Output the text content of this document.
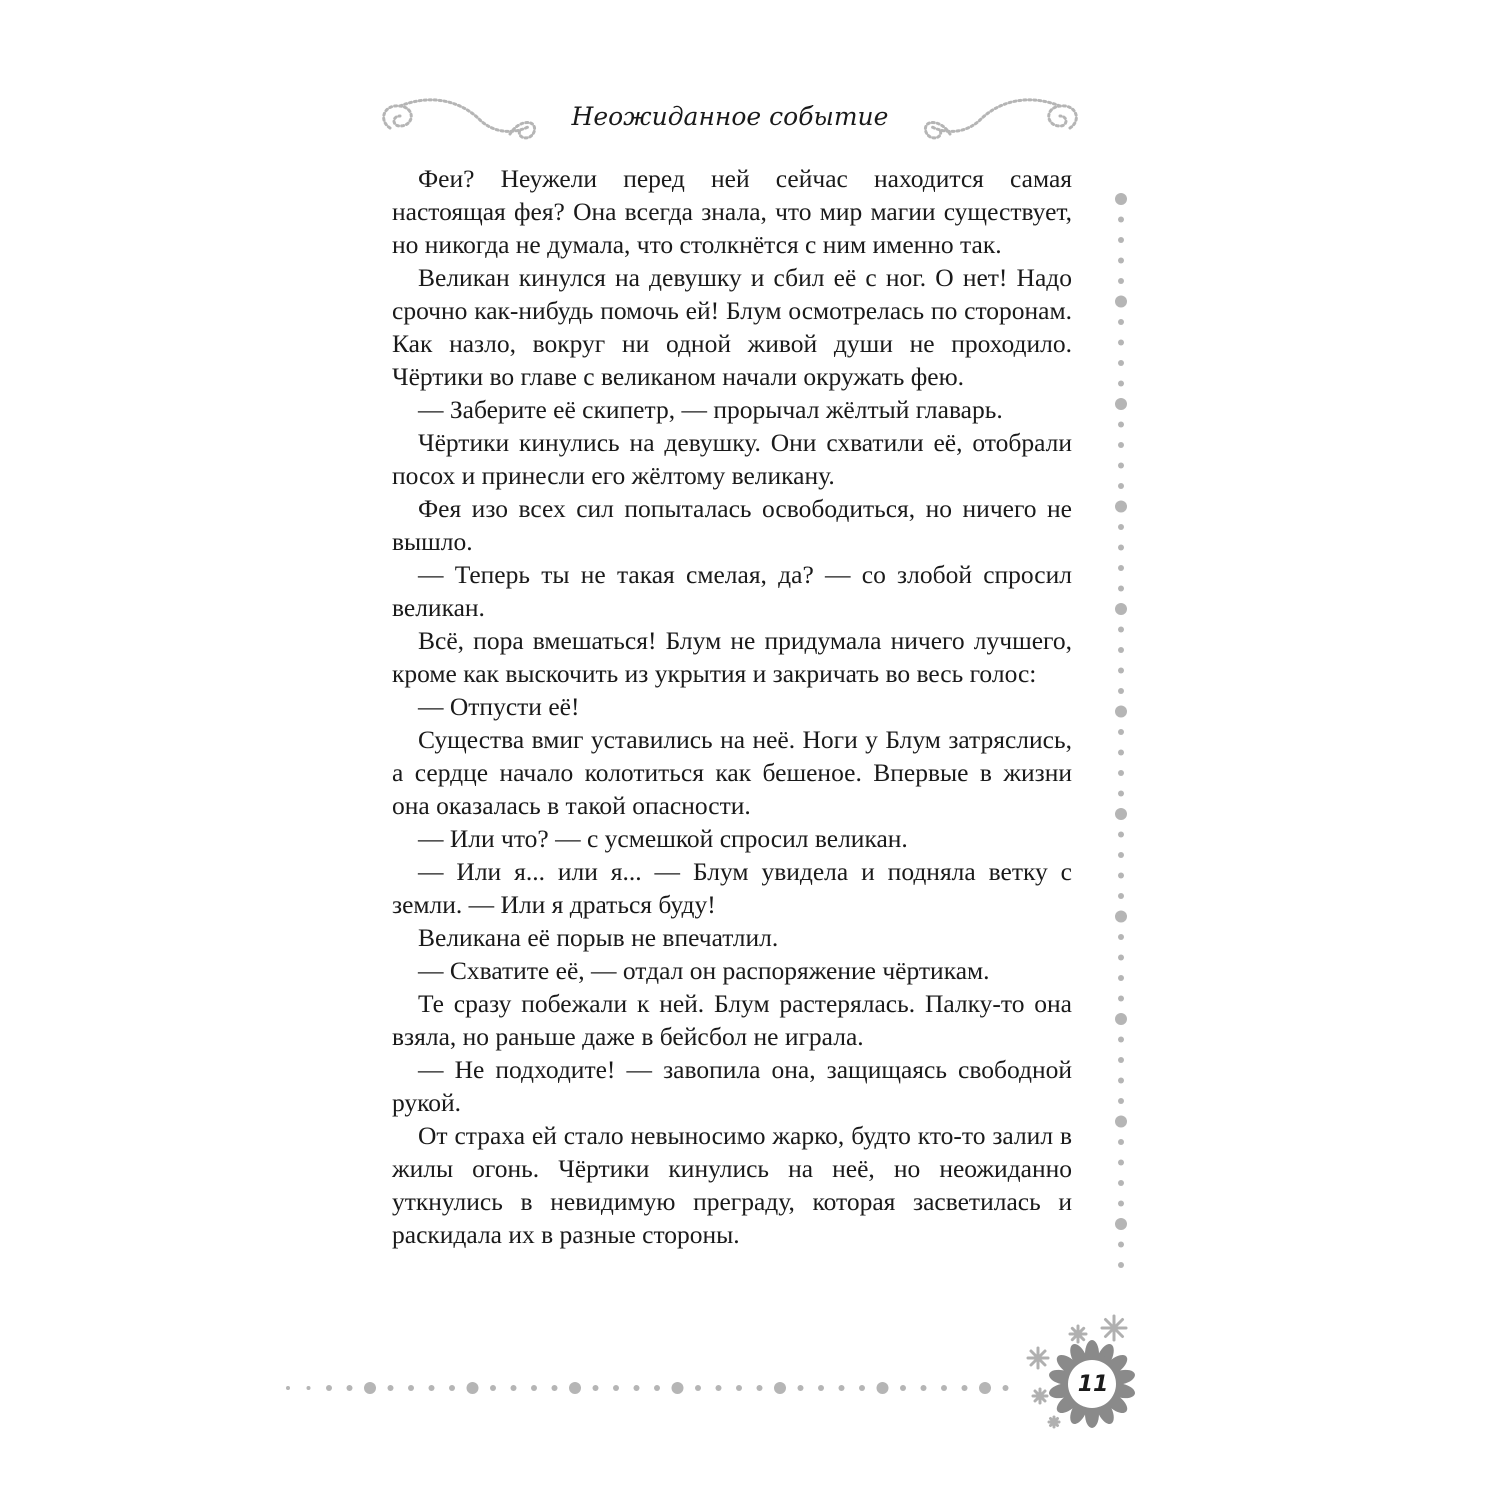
Неожиданное событие

Феи? Неужели перед ней сейчас находится самая настоящая фея? Она всегда знала, что мир магии существует, но никогда не думала, что столкнётся с ним именно так.

Великан кинулся на девушку и сбил её с ног. О нет! Надо срочно как-нибудь помочь ей! Блум осмотрелась по сторонам. Как назло, вокруг ни одной живой души не проходило. Чёртики во главе с великаном начали окружать фею.

— Заберите её скипетр, — прорычал жёлтый главарь.

Чёртики кинулись на девушку. Они схватили её, отобрали посох и принесли его жёлтому великану.

Фея изо всех сил попыталась освободиться, но ничего не вышло.

— Теперь ты не такая смелая, да? — со злобой спросил великан.

Всё, пора вмешаться! Блум не придумала ничего лучшего, кроме как выскочить из укрытия и закричать во весь голос:

— Отпусти её!

Существа вмиг уставились на неё. Ноги у Блум затряслись, а сердце начало колотиться как бешеное. Впервые в жизни она оказалась в такой опасности.

— Или что? — с усмешкой спросил великан.

— Или я... или я... — Блум увидела и подняла ветку с земли. — Или я драться буду!

Великана её порыв не впечатлил.

— Схватите её, — отдал он распоряжение чёртикам.

Те сразу побежали к ней. Блум растерялась. Палку-то она взяла, но раньше даже в бейсбол не играла.

— Не подходите! — завопила она, защищаясь свободной рукой.

От страха ей стало невыносимо жарко, будто кто-то залил в жилы огонь. Чёртики кинулись на неё, но неожиданно уткнулись в невидимую преграду, которая засветилась и раскидала их в разные стороны.

11
